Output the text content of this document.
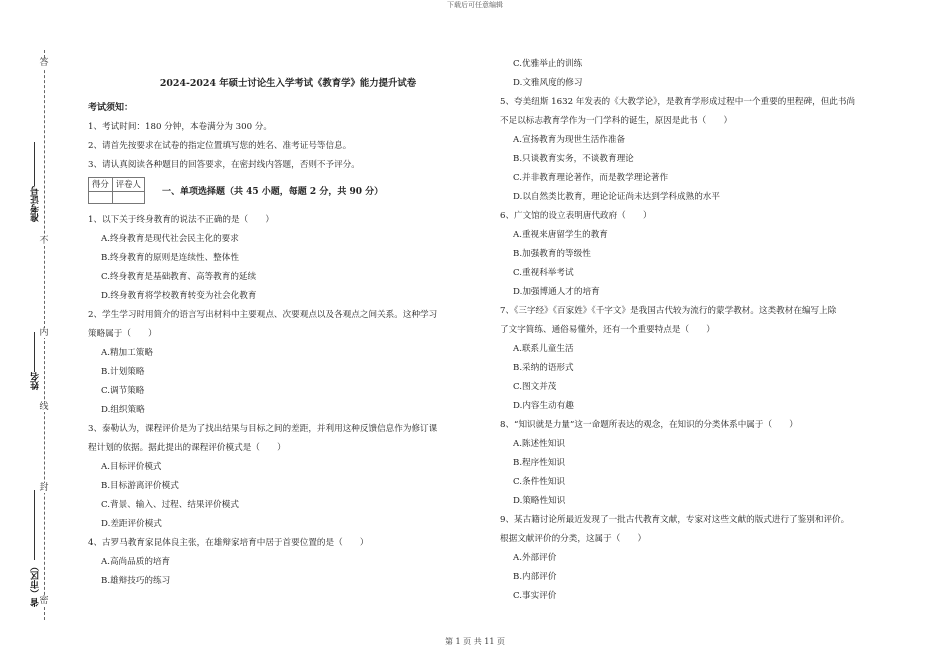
下载后可任意编辑
答
不
内
线
封
密
准考证号
姓名
省（市区）

2024-2024 年硕士讨论生入学考试《教育学》能力提升试卷

考试须知：

1、考试时间：180 分钟，本卷满分为 300 分。

2、请首先按要求在试卷的指定位置填写您的姓名、准考证号等信息。

3、请认真阅读各种题目的回答要求，在密封线内答题，否则不予评分。

得分	评卷人

一、单项选择题（共 45 小题，每题 2 分，共 90 分）

1、以下关于终身教育的说法不正确的是（　　）

A.终身教育是现代社会民主化的要求

B.终身教育的原则是连续性、整体性

C.终身教育是基础教育、高等教育的延续

D.终身教育将学校教育转变为社会化教育

2、学生学习时用简介的语言写出材料中主要观点、次要观点以及各观点之间关系。这种学习

策略属于（　　）

A.精加工策略

B.计划策略

C.调节策略

D.组织策略

3、泰勒认为，课程评价是为了找出结果与目标之间的差距，并利用这种反馈信息作为修订课

程计划的依据。据此提出的课程评价模式是（　　）

A.目标评价模式

B.目标游离评价模式

C.背景、输入、过程、结果评价模式

D.差距评价模式

4、古罗马教育家昆体良主张，在雄辩家培育中居于首要位置的是（　　）

A.高尚品质的培育

B.雄辩技巧的练习

C.优雅举止的训练

D.文雅风度的修习

5、夸美纽斯 1632 年发表的《大教学论》，是教育学形成过程中一个重要的里程碑，但此书尚

不足以标志教育学作为一门学科的诞生，原因是此书（　　）

A.宣扬教育为现世生活作准备

B.只谈教育实务，不谈教育理论

C.并非教育理论著作，而是教学理论著作

D.以自然类比教育，理论论证尚未达到学科成熟的水平

6、广文馆的设立表明唐代政府（　　）

A.重视来唐留学生的教育

B.加强教育的等级性

C.重视科举考试

D.加强博通人才的培育

7、《三字经》《百家姓》《千字文》是我国古代较为流行的蒙学教材。这类教材在编写上除

了文字简练、通俗易懂外，还有一个重要特点是（　　）

A.联系儿童生活

B.采纳的语形式

C.图文并茂

D.内容生动有趣

8、“知识就是力量”这一命题所表达的观念，在知识的分类体系中属于（　　）

A.陈述性知识

B.程序性知识

C.条件性知识

D.策略性知识

9、某古籍讨论所最近发现了一批古代教育文献，专家对这些文献的版式进行了鉴别和评价。

根据文献评价的分类，这属于（　　）

A.外部评价

B.内部评价

C.事实评价

第 1 页 共 11 页
